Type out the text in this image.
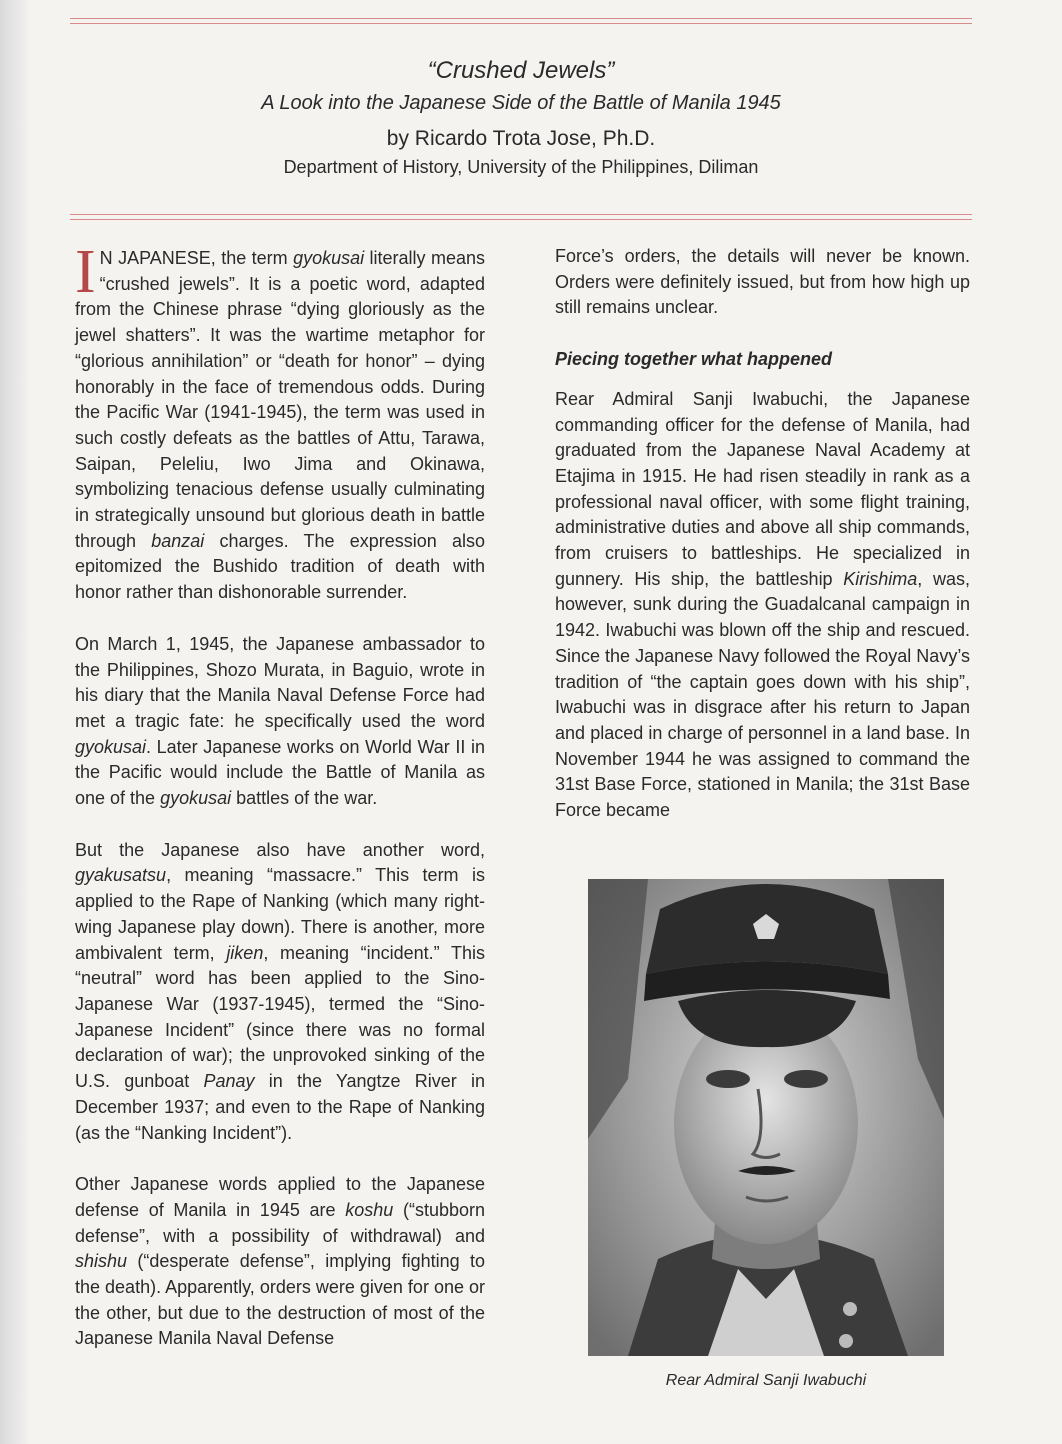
“Crushed Jewels”
A Look into the Japanese Side of the Battle of Manila 1945
by Ricardo Trota Jose, Ph.D.
Department of History, University of the Philippines, Diliman

I N JAPANESE, the term gyokusai literally means “crushed jewels”. It is a poetic word, adapted from the Chinese phrase “dying gloriously as the jewel shatters”. It was the wartime metaphor for “glorious annihilation” or “death for honor” – dying honorably in the face of tremendous odds. During the Pacific War (1941-1945), the term was used in such costly defeats as the battles of Attu, Tarawa, Saipan, Peleliu, Iwo Jima and Okinawa, symbolizing tenacious defense usually culminating in strategically unsound but glorious death in battle through banzai charges. The expression also epitomized the Bushido tradition of death with honor rather than dishonorable surrender.

On March 1, 1945, the Japanese ambassador to the Philippines, Shozo Murata, in Baguio, wrote in his diary that the Manila Naval Defense Force had met a tragic fate: he specifically used the word gyokusai. Later Japanese works on World War II in the Pacific would include the Battle of Manila as one of the gyokusai battles of the war.

But the Japanese also have another word, gyakusatsu, meaning “massacre.” This term is applied to the Rape of Nanking (which many right-wing Japanese play down). There is another, more ambivalent term, jiken, meaning “incident.” This “neutral” word has been applied to the Sino-Japanese War (1937-1945), termed the “Sino-Japanese Incident” (since there was no formal declaration of war); the unprovoked sinking of the U.S. gunboat Panay in the Yangtze River in December 1937; and even to the Rape of Nanking (as the “Nanking Incident”).

Other Japanese words applied to the Japanese defense of Manila in 1945 are koshu (“stubborn defense”, with a possibility of withdrawal) and shishu (“desperate defense”, implying fighting to the death). Apparently, orders were given for one or the other, but due to the destruction of most of the Japanese Manila Naval Defense

Force’s orders, the details will never be known. Orders were definitely issued, but from how high up still remains unclear.

Piecing together what happened

Rear Admiral Sanji Iwabuchi, the Japanese commanding officer for the defense of Manila, had graduated from the Japanese Naval Academy at Etajima in 1915. He had risen steadily in rank as a professional naval officer, with some flight training, administrative duties and above all ship commands, from cruisers to battleships. He specialized in gunnery. His ship, the battleship Kirishima, was, however, sunk during the Guadalcanal campaign in 1942. Iwabuchi was blown off the ship and rescued. Since the Japanese Navy followed the Royal Navy’s tradition of “the captain goes down with his ship”, Iwabuchi was in disgrace after his return to Japan and placed in charge of personnel in a land base. In November 1944 he was assigned to command the 31st Base Force, stationed in Manila; the 31st Base Force became

Rear Admiral Sanji Iwabuchi
